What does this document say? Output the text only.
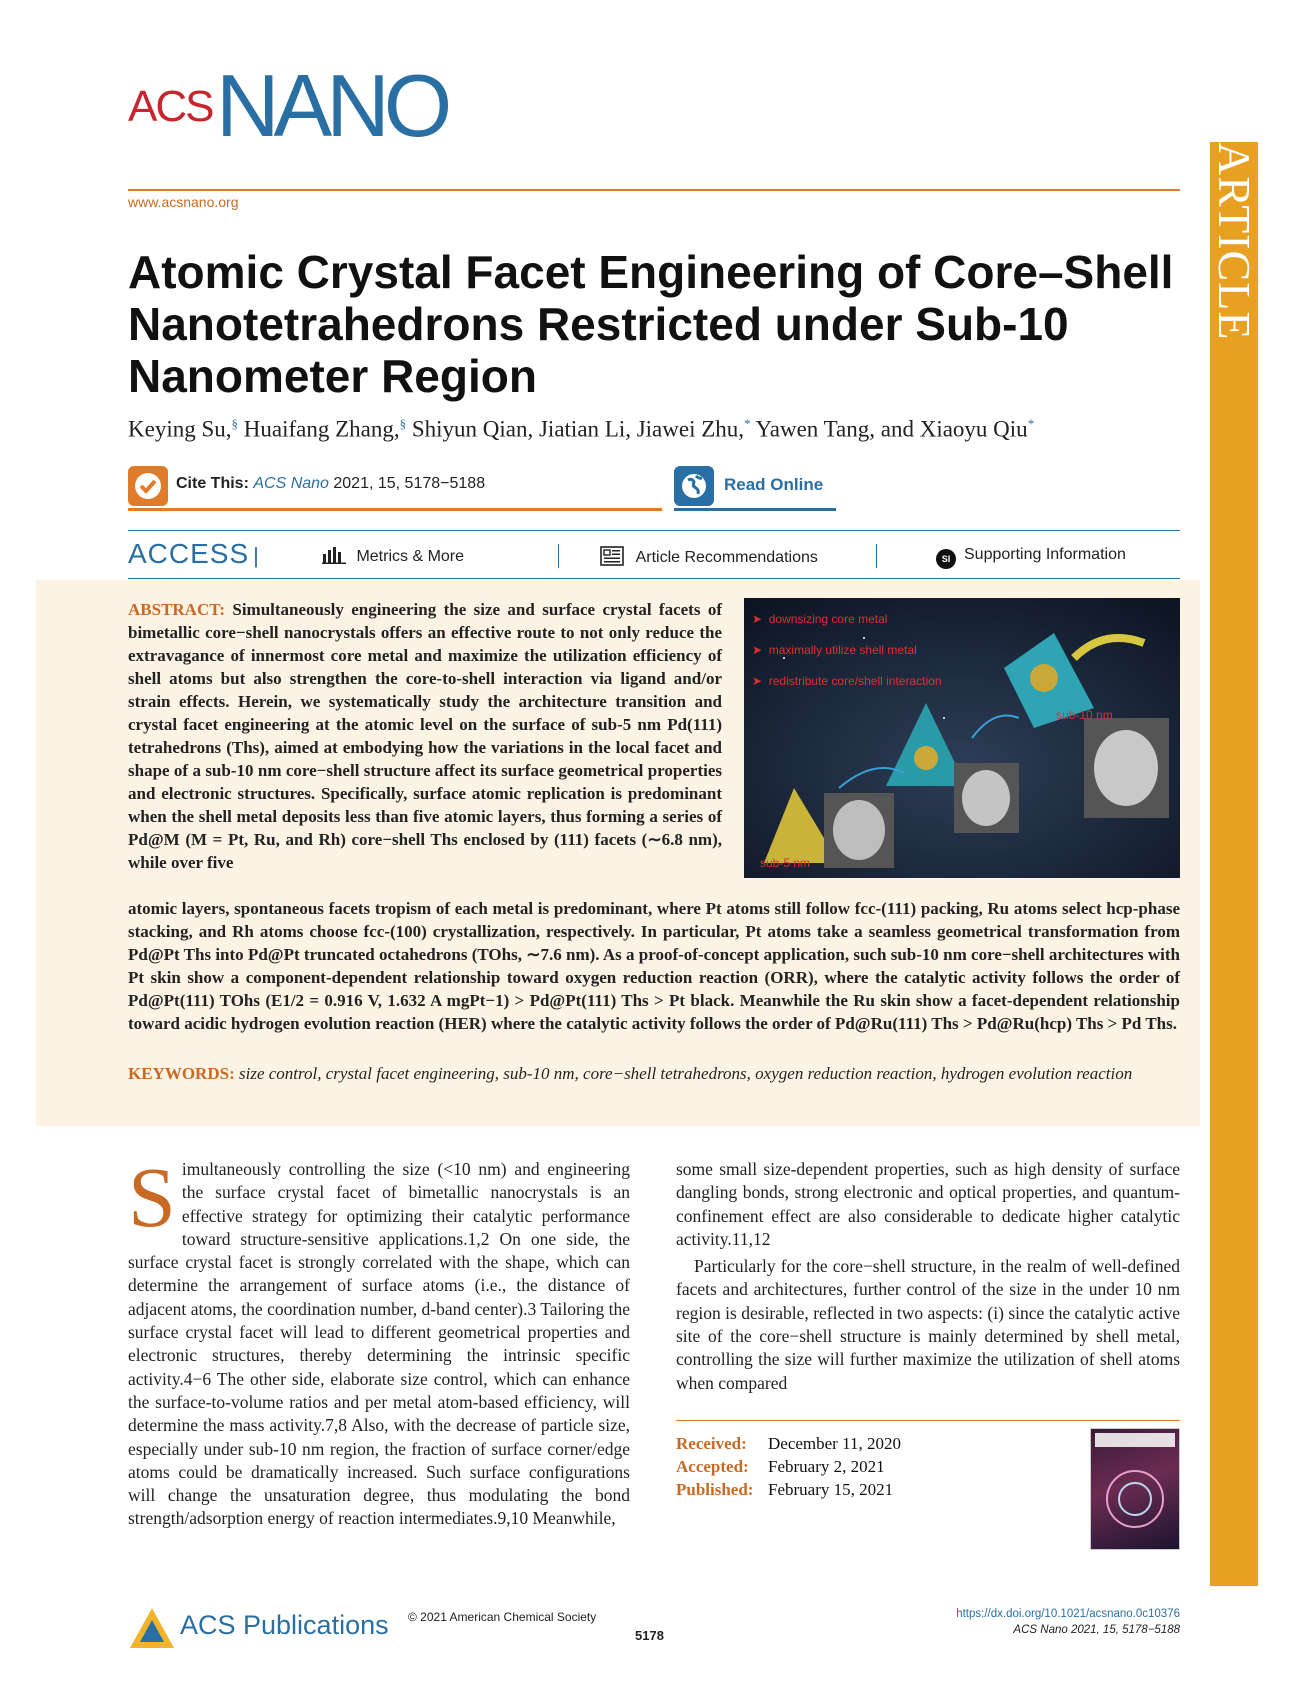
ACS NANO
www.acsnano.org	ARTICLE
Atomic Crystal Facet Engineering of Core–Shell Nanotetrahedrons Restricted under Sub-10 Nanometer Region
Keying Su,§ Huaifang Zhang,§ Shiyun Qian, Jiatian Li, Jiawei Zhu,* Yawen Tang, and Xiaoyu Qiu*
Cite This: ACS Nano 2021, 15, 5178−5188	Read Online
ACCESS |	Metrics & More	Article Recommendations	SI Supporting Information
ABSTRACT: Simultaneously engineering the size and surface crystal facets of bimetallic core−shell nanocrystals offers an effective route to not only reduce the extravagance of innermost core metal and maximize the utilization efficiency of shell atoms but also strengthen the core-to-shell interaction via ligand and/or strain effects. Herein, we systematically study the architecture transition and crystal facet engineering at the atomic level on the surface of sub-5 nm Pd(111) tetrahedrons (Ths), aimed at embodying how the variations in the local facet and shape of a sub-10 nm core−shell structure affect its surface geometrical properties and electronic structures. Specifically, surface atomic replication is predominant when the shell metal deposits less than five atomic layers, thus forming a series of Pd@M (M = Pt, Ru, and Rh) core−shell Ths enclosed by (111) facets (∼6.8 nm), while over five
➤  downsizing core metal
➤  maximally utilize shell metal
➤  redistribute core/shell interaction
sub-10 nm
sub-5 nm
atomic layers, spontaneous facets tropism of each metal is predominant, where Pt atoms still follow fcc-(111) packing, Ru atoms select hcp-phase stacking, and Rh atoms choose fcc-(100) crystallization, respectively. In particular, Pt atoms take a seamless geometrical transformation from Pd@Pt Ths into Pd@Pt truncated octahedrons (TOhs, ∼7.6 nm). As a proof-of-concept application, such sub-10 nm core−shell architectures with Pt skin show a component-dependent relationship toward oxygen reduction reaction (ORR), where the catalytic activity follows the order of Pd@Pt(111) TOhs (E1/2 = 0.916 V, 1.632 A mgPt−1) > Pd@Pt(111) Ths > Pt black. Meanwhile the Ru skin show a facet-dependent relationship toward acidic hydrogen evolution reaction (HER) where the catalytic activity follows the order of Pd@Ru(111) Ths > Pd@Ru(hcp) Ths > Pd Ths.
KEYWORDS: size control, crystal facet engineering, sub-10 nm, core−shell tetrahedrons, oxygen reduction reaction, hydrogen evolution reaction
Simultaneously controlling the size (<10 nm) and engineering the surface crystal facet of bimetallic nanocrystals is an effective strategy for optimizing their catalytic performance toward structure-sensitive applications.1,2 On one side, the surface crystal facet is strongly correlated with the shape, which can determine the arrangement of surface atoms (i.e., the distance of adjacent atoms, the coordination number, d-band center).3 Tailoring the surface crystal facet will lead to different geometrical properties and electronic structures, thereby determining the intrinsic specific activity.4−6 The other side, elaborate size control, which can enhance the surface-to-volume ratios and per metal atom-based efficiency, will determine the mass activity.7,8 Also, with the decrease of particle size, especially under sub-10 nm region, the fraction of surface corner/edge atoms could be dramatically increased. Such surface configurations will change the unsaturation degree, thus modulating the bond strength/adsorption energy of reaction intermediates.9,10 Meanwhile,
some small size-dependent properties, such as high density of surface dangling bonds, strong electronic and optical properties, and quantum-confinement effect are also considerable to dedicate higher catalytic activity.11,12
Particularly for the core−shell structure, in the realm of well-defined facets and architectures, further control of the size in the under 10 nm region is desirable, reflected in two aspects: (i) since the catalytic active site of the core−shell structure is mainly determined by shell metal, controlling the size will further maximize the utilization of shell atoms when compared
Received: December 11, 2020
Accepted: February 2, 2021
Published: February 15, 2021
ACS Publications © 2021 American Chemical Society
5178
https://dx.doi.org/10.1021/acsnano.0c10376
ACS Nano 2021, 15, 5178−5188
